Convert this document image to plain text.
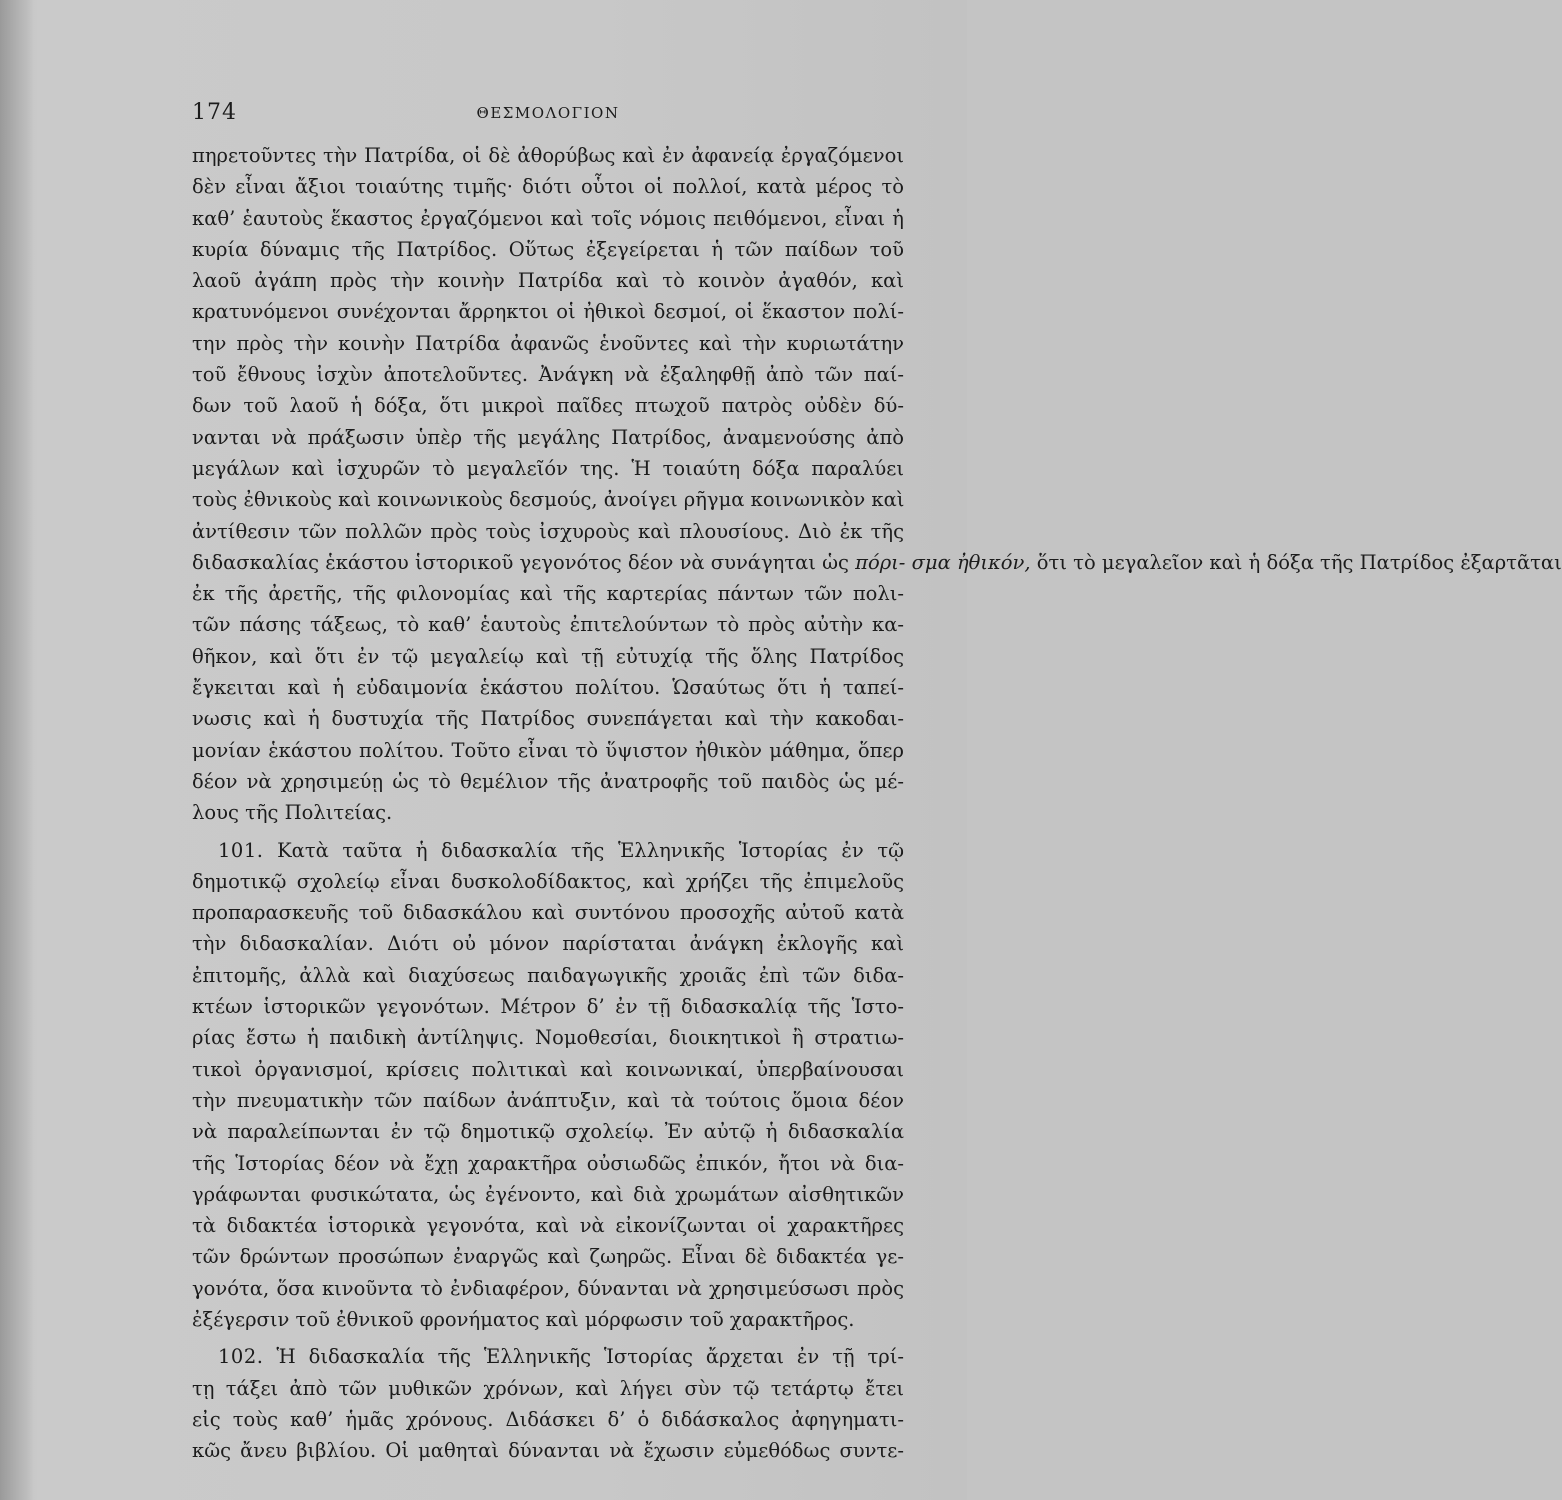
174	ΘΕΣΜΟΛΟΓΙΟΝ
πηρετοῦντες τὴν Πατρίδα, οἱ δὲ ἀθορύβως καὶ ἐν ἀφανείᾳ ἐργαζόμενοι
δὲν εἶναι ἄξιοι τοιαύτης τιμῆς· διότι οὗτοι οἱ πολλοί, κατὰ μέρος τὸ
καθ’ ἑαυτοὺς ἕκαστος ἐργαζόμενοι καὶ τοῖς νόμοις πειθόμενοι, εἶναι ἡ
κυρία δύναμις τῆς Πατρίδος. Οὕτως ἐξεγείρεται ἡ τῶν παίδων τοῦ
λαοῦ ἀγάπη πρὸς τὴν κοινὴν Πατρίδα καὶ τὸ κοινὸν ἀγαθόν, καὶ
κρατυνόμενοι συνέχονται ἄρρηκτοι οἱ ἠθικοὶ δεσμοί, οἱ ἕκαστον πολί-
την πρὸς τὴν κοινὴν Πατρίδα ἀφανῶς ἑνοῦντες καὶ τὴν κυριωτάτην
τοῦ ἔθνους ἰσχὺν ἀποτελοῦντες. Ἀνάγκη νὰ ἐξαληφθῇ ἀπὸ τῶν παί-
δων τοῦ λαοῦ ἡ δόξα, ὅτι μικροὶ παῖδες πτωχοῦ πατρὸς οὐδὲν δύ-
νανται νὰ πράξωσιν ὑπὲρ τῆς μεγάλης Πατρίδος, ἀναμενούσης ἀπὸ
μεγάλων καὶ ἰσχυρῶν τὸ μεγαλεῖόν της. Ἡ τοιαύτη δόξα παραλύει
τοὺς ἐθνικοὺς καὶ κοινωνικοὺς δεσμούς, ἀνοίγει ρῆγμα κοινωνικὸν καὶ
ἀντίθεσιν τῶν πολλῶν πρὸς τοὺς ἰσχυροὺς καὶ πλουσίους. Διὸ ἐκ τῆς
διδασκαλίας ἑκάστου ἱστορικοῦ γεγονότος δέον νὰ συνάγηται ὡς πόρι- σμα ἠθικόν, ὅτι τὸ μεγαλεῖον καὶ ἡ δόξα τῆς Πατρίδος ἐξαρτᾶται
ἐκ τῆς ἀρετῆς, τῆς φιλονομίας καὶ τῆς καρτερίας πάντων τῶν πολι-
τῶν πάσης τάξεως, τὸ καθ’ ἑαυτοὺς ἐπιτελούντων τὸ πρὸς αὐτὴν κα-
θῆκον, καὶ ὅτι ἐν τῷ μεγαλείῳ καὶ τῇ εὐτυχίᾳ τῆς ὅλης Πατρίδος
ἔγκειται καὶ ἡ εὐδαιμονία ἑκάστου πολίτου. Ὡσαύτως ὅτι ἡ ταπεί-
νωσις καὶ ἡ δυστυχία τῆς Πατρίδος συνεπάγεται καὶ τὴν κακοδαι-
μονίαν ἑκάστου πολίτου. Τοῦτο εἶναι τὸ ὕψιστον ἠθικὸν μάθημα, ὅπερ
δέον νὰ χρησιμεύῃ ὡς τὸ θεμέλιον τῆς ἀνατροφῆς τοῦ παιδὸς ὡς μέ-
λους τῆς Πολιτείας.
101. Κατὰ ταῦτα ἡ διδασκαλία τῆς Ἑλληνικῆς Ἱστορίας ἐν τῷ
δημοτικῷ σχολείῳ εἶναι δυσκολοδίδακτος, καὶ χρήζει τῆς ἐπιμελοῦς
προπαρασκευῆς τοῦ διδασκάλου καὶ συντόνου προσοχῆς αὐτοῦ κατὰ
τὴν διδασκαλίαν. Διότι οὐ μόνον παρίσταται ἀνάγκη ἐκλογῆς καὶ
ἐπιτομῆς, ἀλλὰ καὶ διαχύσεως παιδαγωγικῆς χροιᾶς ἐπὶ τῶν διδα-
κτέων ἱστορικῶν γεγονότων. Μέτρον δ’ ἐν τῇ διδασκαλίᾳ τῆς Ἱστο-
ρίας ἔστω ἡ παιδικὴ ἀντίληψις. Νομοθεσίαι, διοικητικοὶ ἢ στρατιω-
τικοὶ ὀργανισμοί, κρίσεις πολιτικαὶ καὶ κοινωνικαί, ὑπερβαίνουσαι
τὴν πνευματικὴν τῶν παίδων ἀνάπτυξιν, καὶ τὰ τούτοις ὅμοια δέον
νὰ παραλείπωνται ἐν τῷ δημοτικῷ σχολείῳ. Ἐν αὐτῷ ἡ διδασκαλία
τῆς Ἱστορίας δέον νὰ ἔχῃ χαρακτῆρα οὐσιωδῶς ἐπικόν, ἤτοι νὰ δια-
γράφωνται φυσικώτατα, ὡς ἐγένοντο, καὶ διὰ χρωμάτων αἰσθητικῶν
τὰ διδακτέα ἱστορικὰ γεγονότα, καὶ νὰ εἰκονίζωνται οἱ χαρακτῆρες
τῶν δρώντων προσώπων ἐναργῶς καὶ ζωηρῶς. Εἶναι δὲ διδακτέα γε-
γονότα, ὅσα κινοῦντα τὸ ἐνδιαφέρον, δύνανται νὰ χρησιμεύσωσι πρὸς
ἐξέγερσιν τοῦ ἐθνικοῦ φρονήματος καὶ μόρφωσιν τοῦ χαρακτῆρος.
102. Ἡ διδασκαλία τῆς Ἑλληνικῆς Ἱστορίας ἄρχεται ἐν τῇ τρί-
τῃ τάξει ἀπὸ τῶν μυθικῶν χρόνων, καὶ λήγει σὺν τῷ τετάρτῳ ἔτει
εἰς τοὺς καθ’ ἡμᾶς χρόνους. Διδάσκει δ’ ὁ διδάσκαλος ἀφηγηματι-
κῶς ἄνευ βιβλίου. Οἱ μαθηταὶ δύνανται νὰ ἔχωσιν εὐμεθόδως συντε-
